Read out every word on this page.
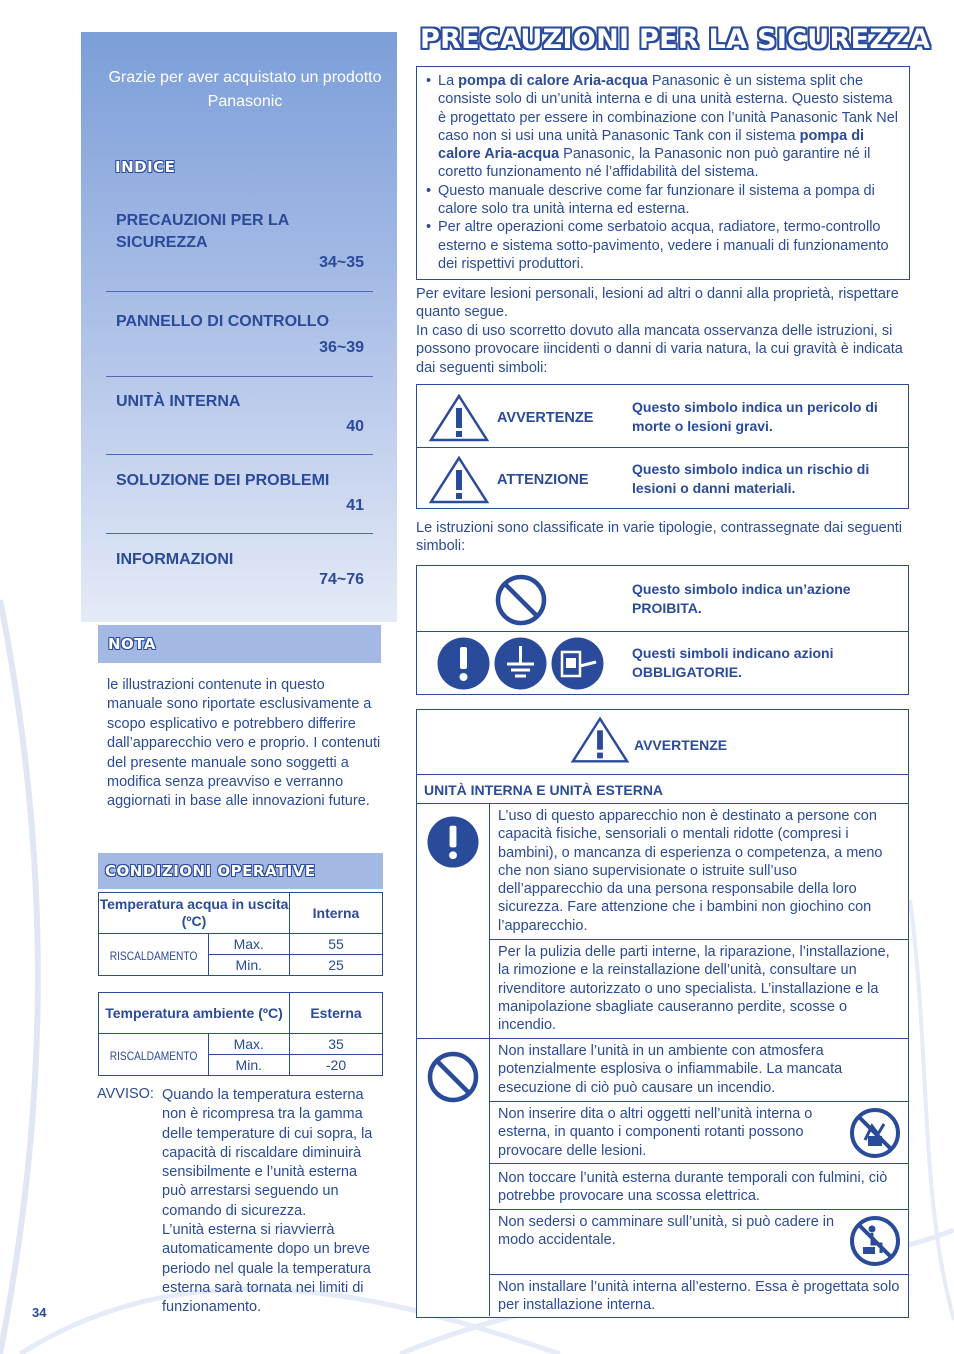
Grazie per aver acquistato un prodotto Panasonic
INDICE
PRECAUZIONI PER LA SICUREZZA
34~35
PANNELLO DI CONTROLLO
36~39
UNITÀ INTERNA
40
SOLUZIONE DEI PROBLEMI
41
INFORMAZIONI
74~76
NOTA
le illustrazioni contenute in questo manuale sono riportate esclusivamente a scopo esplicativo e potrebbero differire dall’apparecchio vero e proprio. I contenuti del presente manuale sono soggetti a modifica senza preavviso e verranno aggiornati in base alle innovazioni future.
CONDIZIONI OPERATIVE
Temperatura acqua in uscita (ºC)		Interna
RISCALDAMENTO	Max.	55
	Min.	25
Temperatura ambiente (ºC)		Esterna
RISCALDAMENTO	Max.	35
	Min.	-20
AVVISO: Quando la temperatura esterna non è ricompresa tra la gamma delle temperature di cui sopra, la capacità di riscaldare diminuirà sensibilmente e l’unità esterna può arrestarsi seguendo un comando di sicurezza.
L’unità esterna si riavvierrà automaticamente dopo un breve periodo nel quale la temperatura esterna sarà tornata nei limiti di funzionamento.
34
PRECAUZIONI PER LA SICUREZZA
• La pompa di calore Aria-acqua Panasonic è un sistema split che consiste solo di un’unità interna e di una unità esterna. Questo sistema è progettato per essere in combinazione con l’unità Panasonic Tank Nel caso non si usi una unità Panasonic Tank con il sistema pompa di calore Aria-acqua Panasonic, la Panasonic non può garantire né il coretto funzionamento né l’affidabilità del sistema.
• Questo manuale descrive come far funzionare il sistema a pompa di calore solo tra unità interna ed esterna.
• Per altre operazioni come serbatoio acqua, radiatore, termo-controllo esterno e sistema sotto-pavimento, vedere i manuali di funzionamento dei rispettivi produttori.
Per evitare lesioni personali, lesioni ad altri o danni alla proprietà, rispettare quanto segue.
In caso di uso scorretto dovuto alla mancata osservanza delle istruzioni, si possono provocare iincidenti o danni di varia natura, la cui gravità è indicata dai seguenti simboli:
AVVERTENZE
Questo simbolo indica un pericolo di morte o lesioni gravi.
ATTENZIONE
Questo simbolo indica un rischio di lesioni o danni materiali.
Le istruzioni sono classificate in varie tipologie, contrassegnate dai seguenti simboli:
Questo simbolo indica un’azione PROIBITA.
Questi simboli indicano azioni OBBLIGATORIE.
AVVERTENZE
UNITÀ INTERNA E UNITÀ ESTERNA
L’uso di questo apparecchio non è destinato a persone con capacità fisiche, sensoriali o mentali ridotte (compresi i bambini), o mancanza di esperienza o competenza, a meno che non siano supervisionate o istruite sull’uso dell’apparecchio da una persona responsabile della loro sicurezza. Fare attenzione che i bambini non giochino con l’apparecchio.
Per la pulizia delle parti interne, la riparazione, l’installazione, la rimozione e la reinstallazione dell’unità, consultare un rivenditore autorizzato o uno specialista. L’installazione e la manipolazione sbagliate causeranno perdite, scosse o incendio.
Non installare l’unità in un ambiente con atmosfera potenzialmente esplosiva o infiammabile. La mancata esecuzione di ciò può causare un incendio.
Non inserire dita o altri oggetti nell’unità interna o esterna, in quanto i componenti rotanti possono provocare delle lesioni.
Non toccare l’unità esterna durante temporali con fulmini, ciò potrebbe provocare una scossa elettrica.
Non sedersi o camminare sull’unità, si può cadere in modo accidentale.
Non installare l’unità interna all’esterno. Essa è progettata solo per installazione interna.
